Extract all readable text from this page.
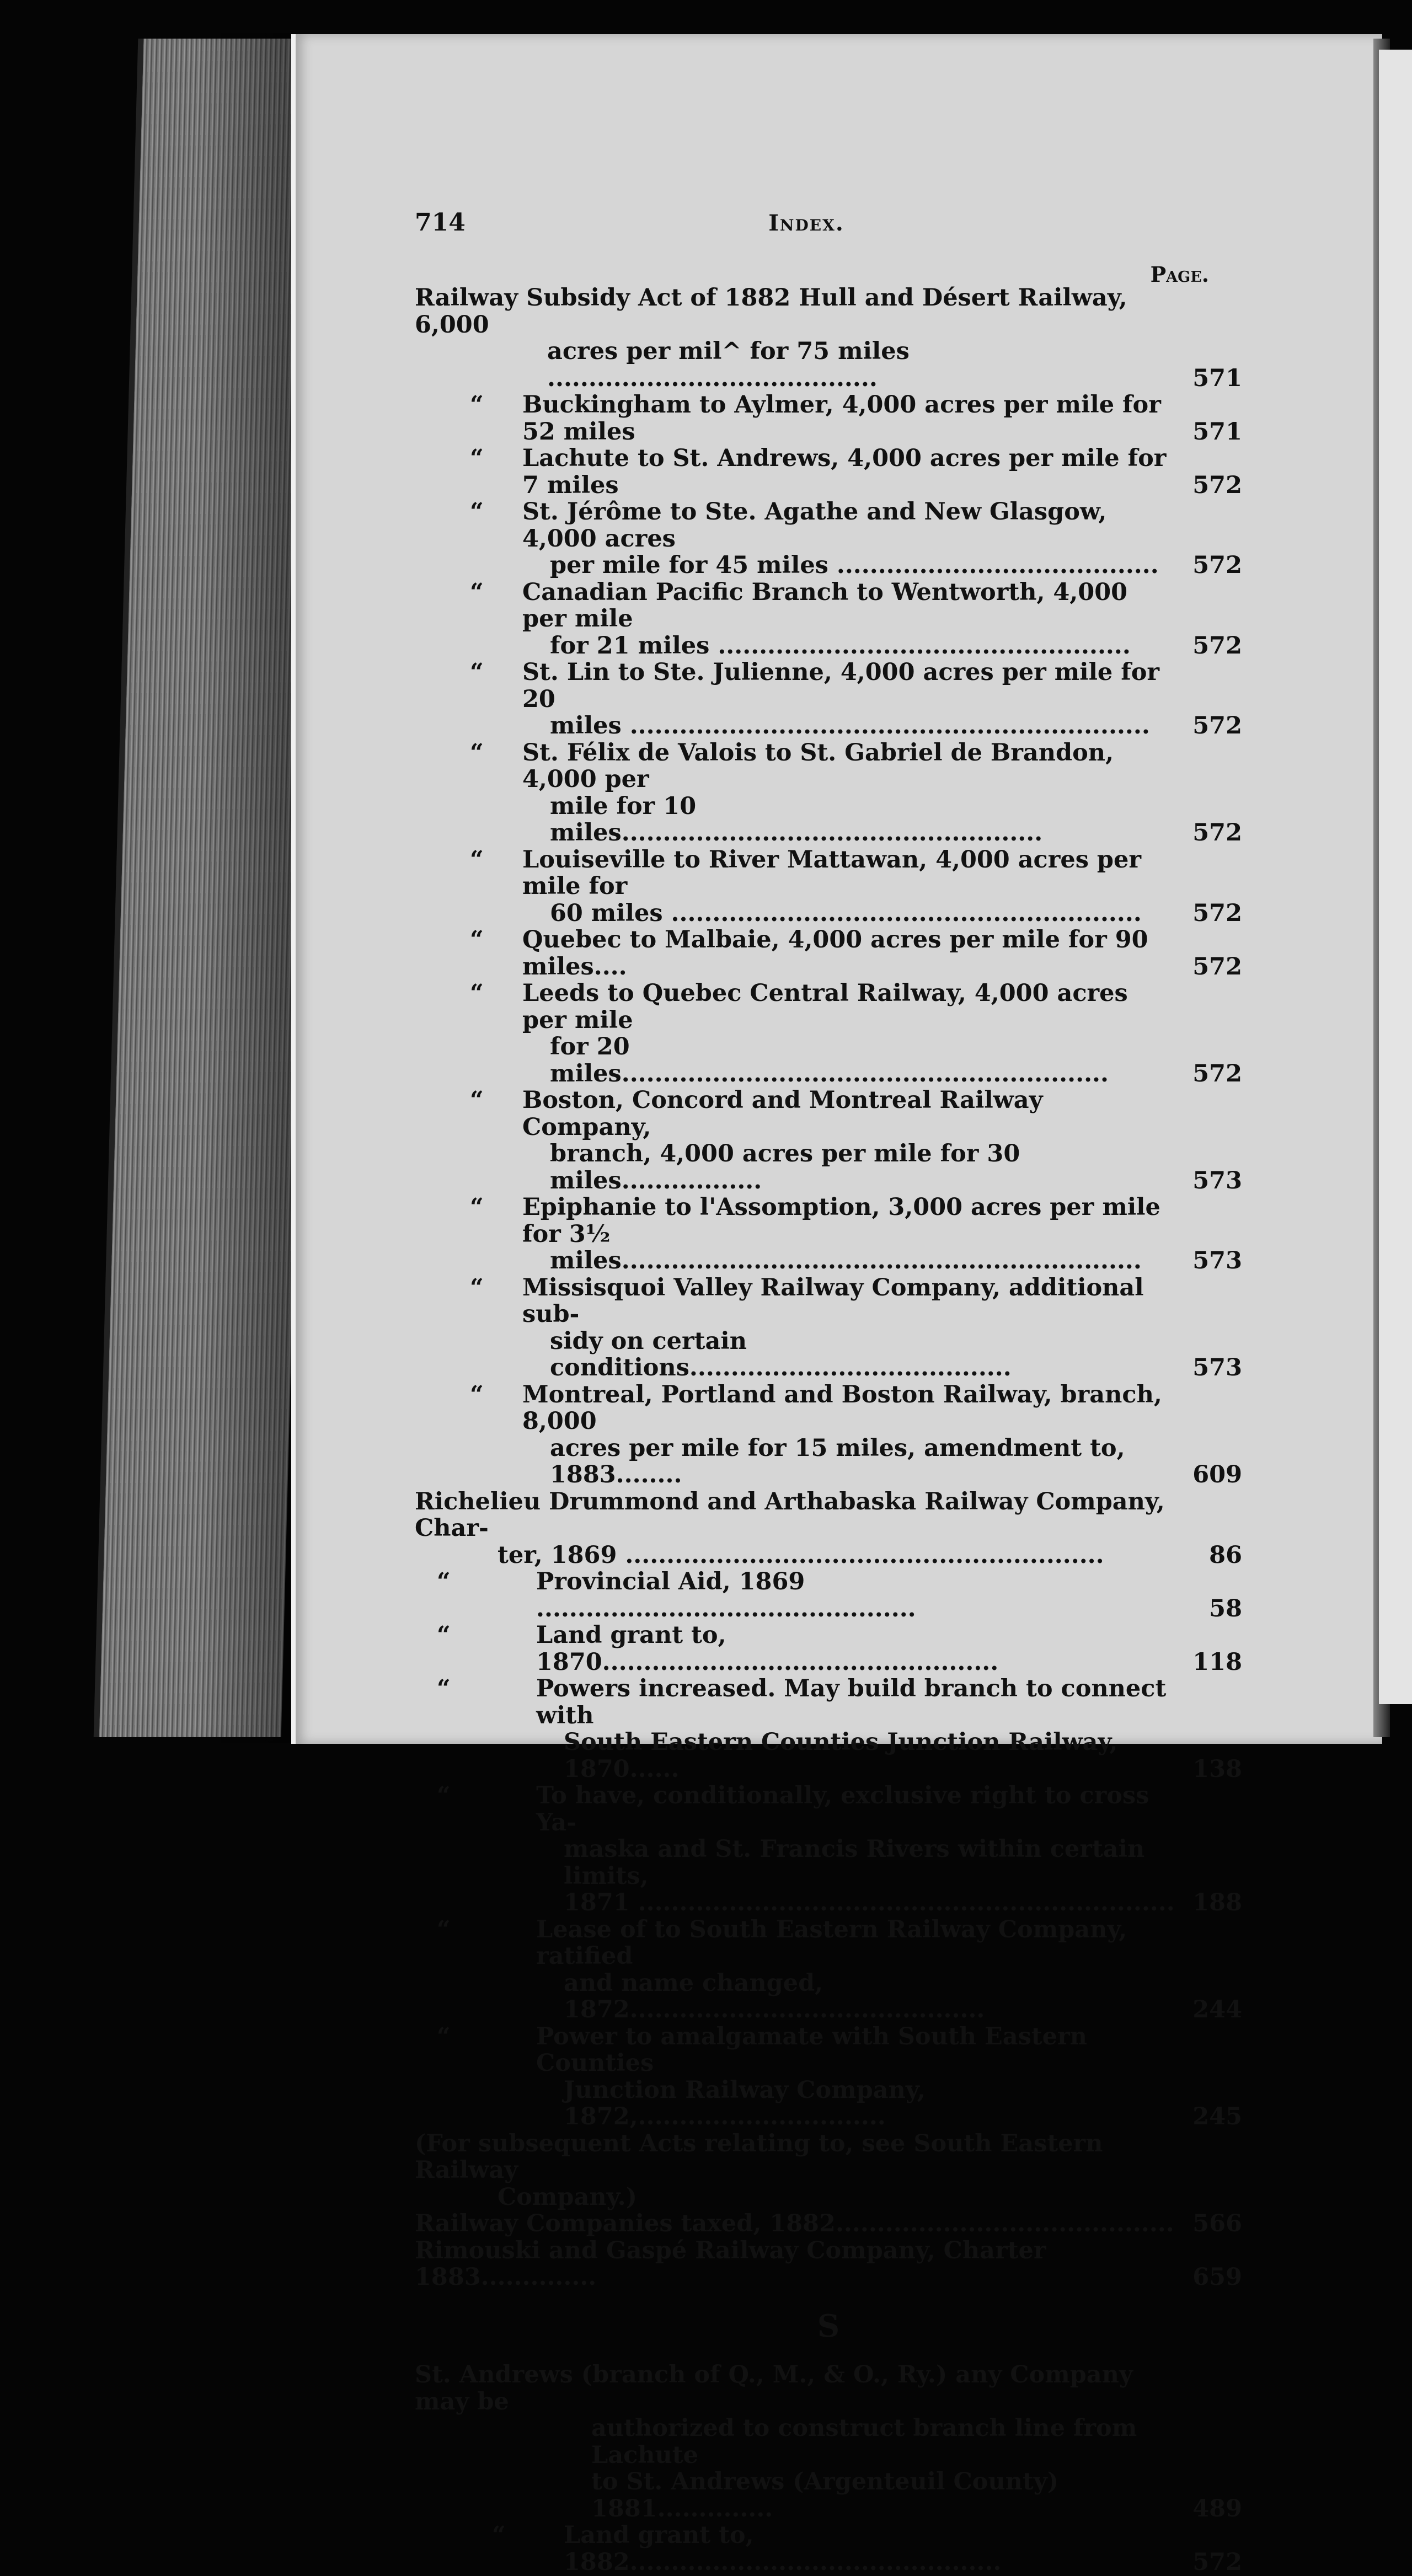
714	Index.
Page.
Railway Subsidy Act of 1882 Hull and Désert Railway, 6,000
acres per mil^ for 75 miles ........................................	571
“	Buckingham to Aylmer, 4,000 acres per mile for 52 miles	571
“	Lachute to St. Andrews, 4,000 acres per mile for 7 miles	572
“	St. Jérôme to Ste. Agathe and New Glasgow, 4,000 acres
per mile for 45 miles .......................................	572
“	Canadian Pacific Branch to Wentworth, 4,000 per mile
for 21 miles ..................................................	572
“	St. Lin to Ste. Julienne, 4,000 acres per mile for 20
miles ...............................................................	572
“	St. Félix de Valois to St. Gabriel de Brandon, 4,000 per
mile for 10 miles...................................................	572
“	Louiseville to River Mattawan, 4,000 acres per mile for
60 miles .........................................................	572
“	Quebec to Malbaie, 4,000 acres per mile for 90 miles....	572
“	Leeds to Quebec Central Railway, 4,000 acres per mile
for 20 miles...........................................................	572
“	Boston, Concord and Montreal Railway Company,
branch, 4,000 acres per mile for 30 miles.................	573
“	Epiphanie to l'Assomption, 3,000 acres per mile for 3½
miles...............................................................	573
“	Missisquoi Valley Railway Company, additional sub-
sidy on certain conditions.......................................	573
“	Montreal, Portland and Boston Railway, branch, 8,000
acres per mile for 15 miles, amendment to, 1883........	609
Richelieu Drummond and Arthabaska Railway Company, Char-
ter, 1869 ..........................................................	86
“	Provincial Aid, 1869 ..............................................	58
“	Land grant to, 1870................................................	118
“	Powers increased. May build branch to connect with
South Eastern Counties Junction Railway, 1870......	138
“	To have, conditionally, exclusive right to cross Ya-
maska and St. Francis Rivers within certain limits,
1871 ................................................................. 188
“	Lease of to South Eastern Railway Company, ratified
and name changed, 1872...........................................	244
“	Power to amalgamate with South Eastern Counties
Junction Railway Company, 1872,..............................	245
(For subsequent Acts relating to, see South Eastern Railway
Company.)
Railway Companies taxed, 1882......................................... 566
Rimouski and Gaspé Railway Company, Charter 1883..............	659
S
St. Andrews (branch of Q., M., & O., Ry.) any Company may be
authorized to construct branch line from Lachute
to St. Andrews (Argenteuil County) 1881..............	489
“	Land grant to, 1882.............................................	572
